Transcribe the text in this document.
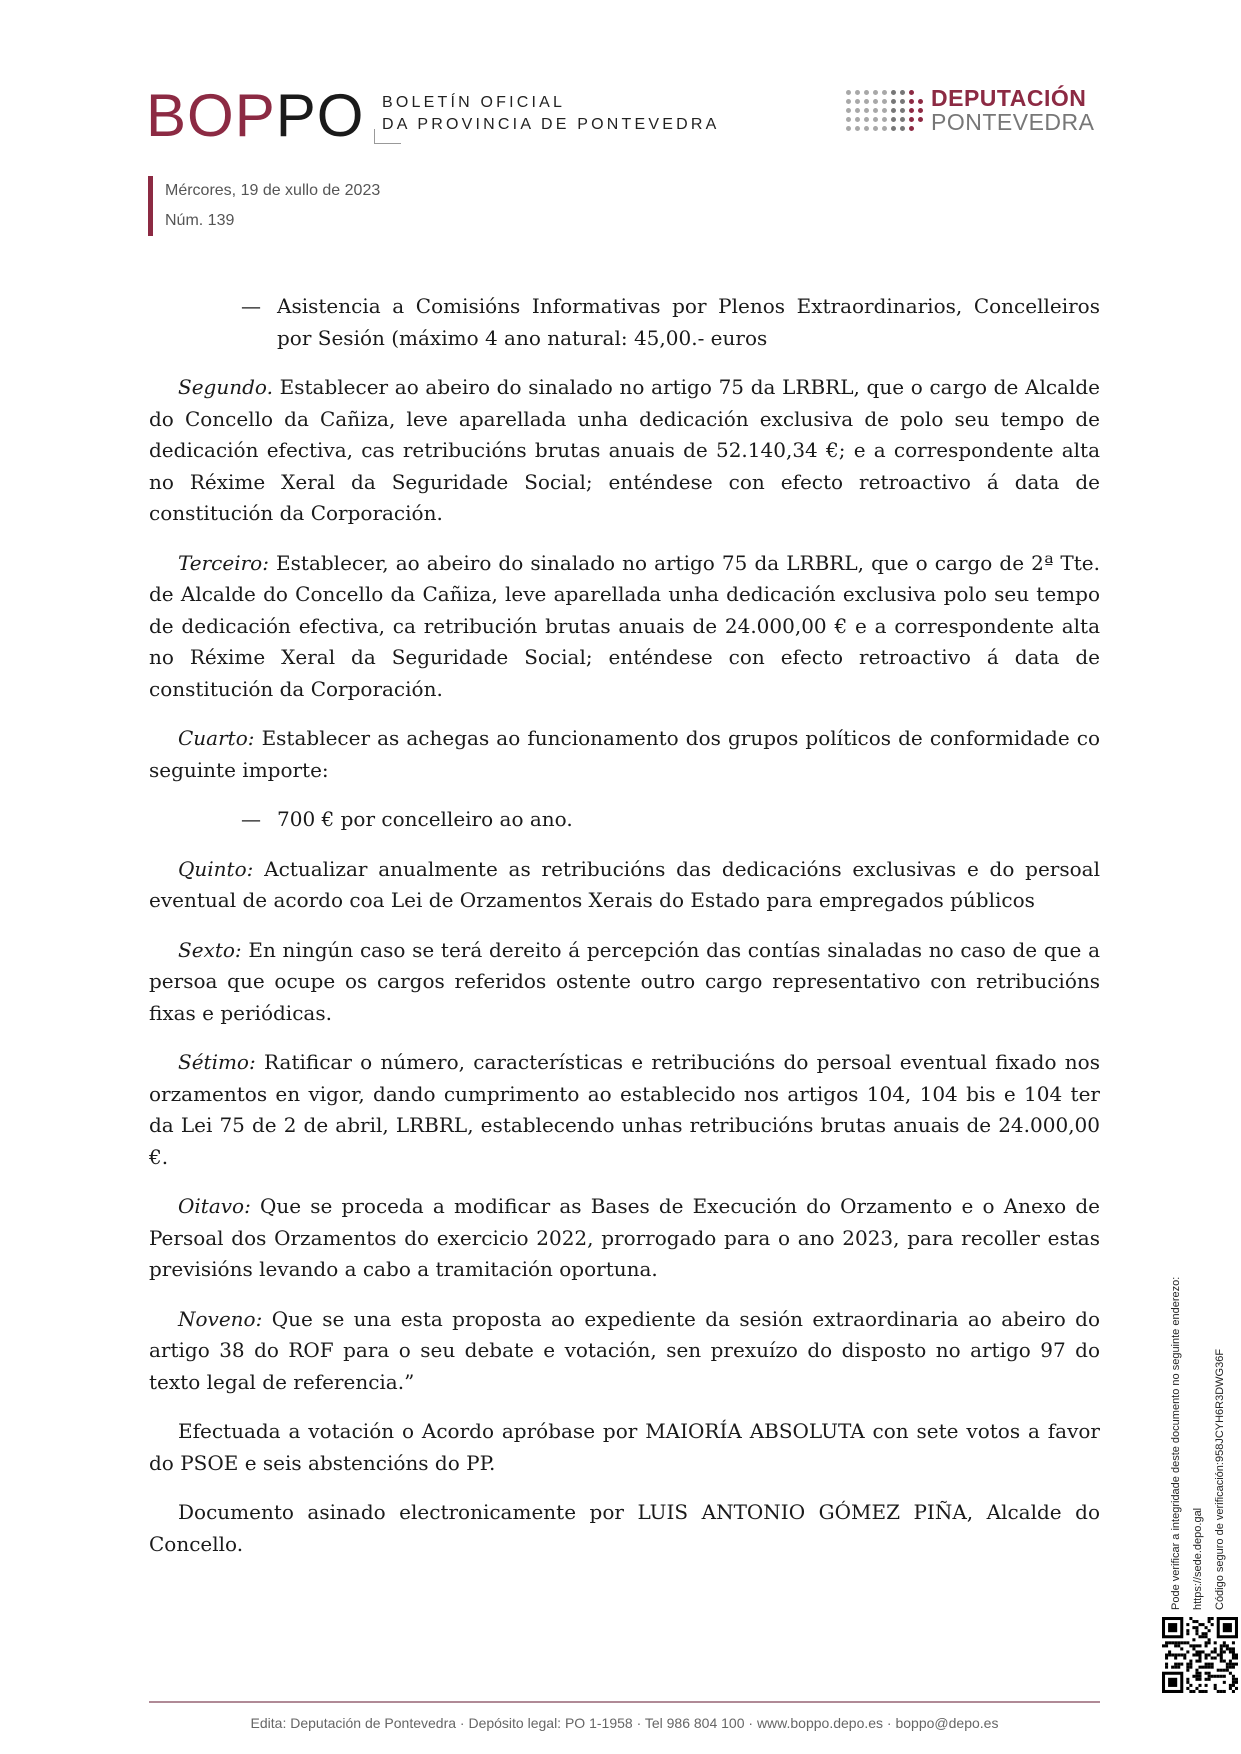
BOPPO BOLETÍN OFICIAL
DA PROVINCIA DE PONTEVEDRA
DEPUTACIÓN
PONTEVEDRA
Mércores, 19 de xullo de 2023
Núm. 139
— Asistencia a Comisións Informativas por Plenos Extraordinarios, Concelleiros por Sesión (máximo 4 ano natural: 45,00.- euros

Segundo. Establecer ao abeiro do sinalado no artigo 75 da LRBRL, que o cargo de Alcalde do Concello da Cañiza, leve aparellada unha dedicación exclusiva de polo seu tempo de dedicación efectiva, cas retribucións brutas anuais de 52.140,34 €; e a correspondente alta no Réxime Xeral da Seguridade Social; enténdese con efecto retroactivo á data de constitución da Corporación.

Terceiro: Establecer, ao abeiro do sinalado no artigo 75 da LRBRL, que o cargo de 2ª Tte. de Alcalde do Concello da Cañiza, leve aparellada unha dedicación exclusiva polo seu tempo de dedicación efectiva, ca retribución brutas anuais de 24.000,00 € e a correspondente alta no Réxime Xeral da Seguridade Social; enténdese con efecto retroactivo á data de constitución da Corporación.

Cuarto: Establecer as achegas ao funcionamento dos grupos políticos de conformidade co seguinte importe:

— 700 € por concelleiro ao ano.

Quinto: Actualizar anualmente as retribucións das dedicacións exclusivas e do persoal eventual de acordo coa Lei de Orzamentos Xerais do Estado para empregados públicos

Sexto: En ningún caso se terá dereito á percepción das contías sinaladas no caso de que a persoa que ocupe os cargos referidos ostente outro cargo representativo con retribucións fixas e periódicas.

Sétimo: Ratificar o número, características e retribucións do persoal eventual fixado nos orzamentos en vigor, dando cumprimento ao establecido nos artigos 104, 104 bis e 104 ter da Lei 75 de 2 de abril, LRBRL, establecendo unhas retribucións brutas anuais de 24.000,00 €.

Oitavo: Que se proceda a modificar as Bases de Execución do Orzamento e o Anexo de Persoal dos Orzamentos do exercicio 2022, prorrogado para o ano 2023, para recoller estas previsións levando a cabo a tramitación oportuna.

Noveno: Que se una esta proposta ao expediente da sesión extraordinaria ao abeiro do artigo 38 do ROF para o seu debate e votación, sen prexuízo do disposto no artigo 97 do texto legal de referencia.”

Efectuada a votación o Acordo apróbase por MAIORÍA ABSOLUTA con sete votos a favor do PSOE e seis abstencións do PP.

Documento asinado electronicamente por LUIS ANTONIO GÓMEZ PIÑA, Alcalde do Concello.	Pode verificar a integridade deste documento no seguinte enderezo: https://sede.depo.gal Código seguro de verificación:958JCYH6R3DWG36F
Edita: Deputación de Pontevedra · Depósito legal: PO 1-1958 · Tel 986 804 100 · www.boppo.depo.es · boppo@depo.es
